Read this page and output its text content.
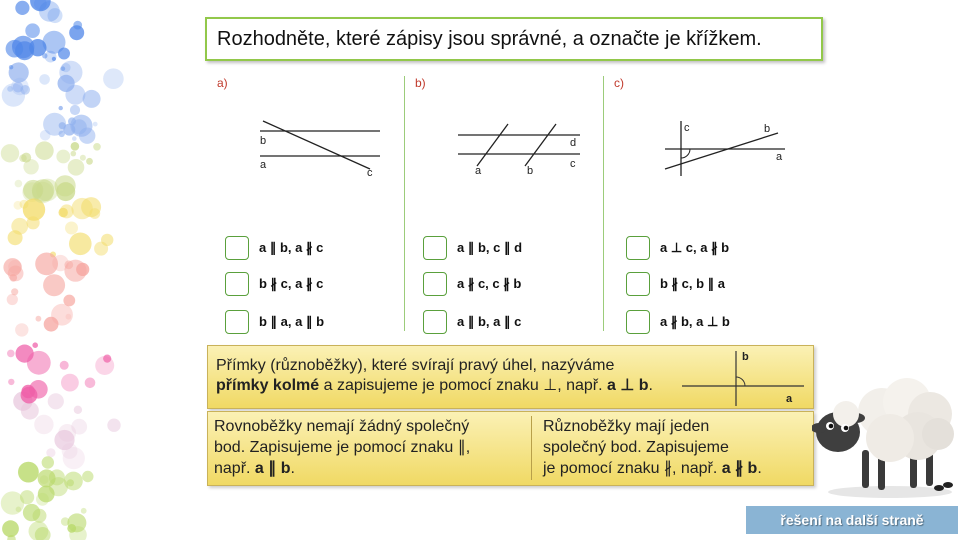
Rozhodněte, které zápisy jsou správné, a označte je křížkem.
a)
b
a
c
b)
d
a	b
c
c)
c	b
a
a ∥ b, a ∦ c
b ∦ c, a ∦ c
b ∥ a, a ∥ b
a ∥ b, c ∥ d
a ∦ c, c ∦ b
a ∥ b, a ∥ c
a ⊥ c, a ∦ b
b ∦ c, b ∥ a
a ∦ b, a ⊥ b
Přímky (různoběžky), které svírají pravý úhel, nazýváme
přímky kolmé a zapisujeme je pomocí znaku ⊥, např. a ⊥ b.
b
a
Rovnoběžky nemají žádný společný
bod. Zapisujeme je pomocí znaku ∥,
např. a ∥ b.
Různoběžky mají jeden
společný bod. Zapisujeme
je pomocí znaku ∦, např. a ∦ b.
řešení na další straně
